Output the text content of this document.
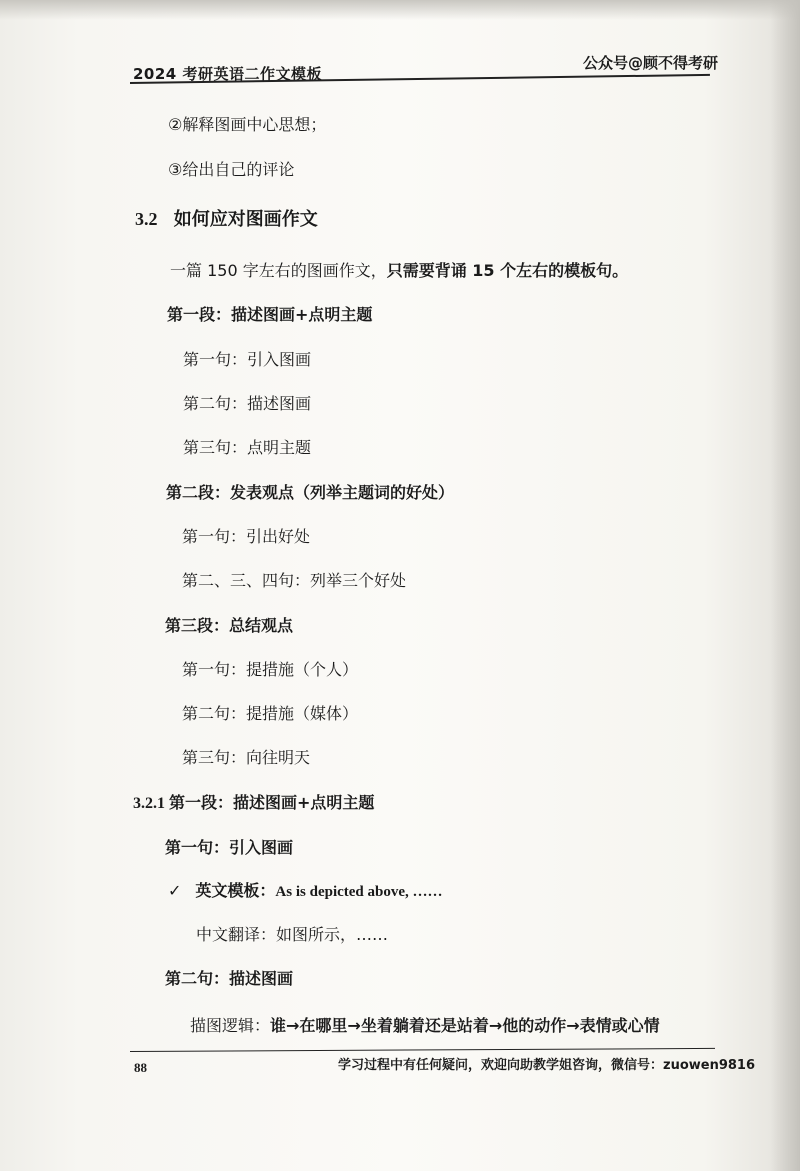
2024 考研英语二作文模板
公众号@顾不得考研
②解释图画中心思想；
③给出自己的评论
3.2 如何应对图画作文
一篇 150 字左右的图画作文，只需要背诵 15 个左右的模板句。
第一段：描述图画+点明主题
第一句：引入图画
第二句：描述图画
第三句：点明主题
第二段：发表观点（列举主题词的好处）
第一句：引出好处
第二、三、四句：列举三个好处
第三段：总结观点
第一句：提措施（个人）
第二句：提措施（媒体）
第三句：向往明天
3.2.1 第一段：描述图画+点明主题
第一句：引入图画
✓ 英文模板：As is depicted above, ……
中文翻译：如图所示，……
第二句：描述图画
描图逻辑：谁→在哪里→坐着躺着还是站着→他的动作→表情或心情
88	学习过程中有任何疑问，欢迎向助教学姐咨询，微信号：zuowen9816
